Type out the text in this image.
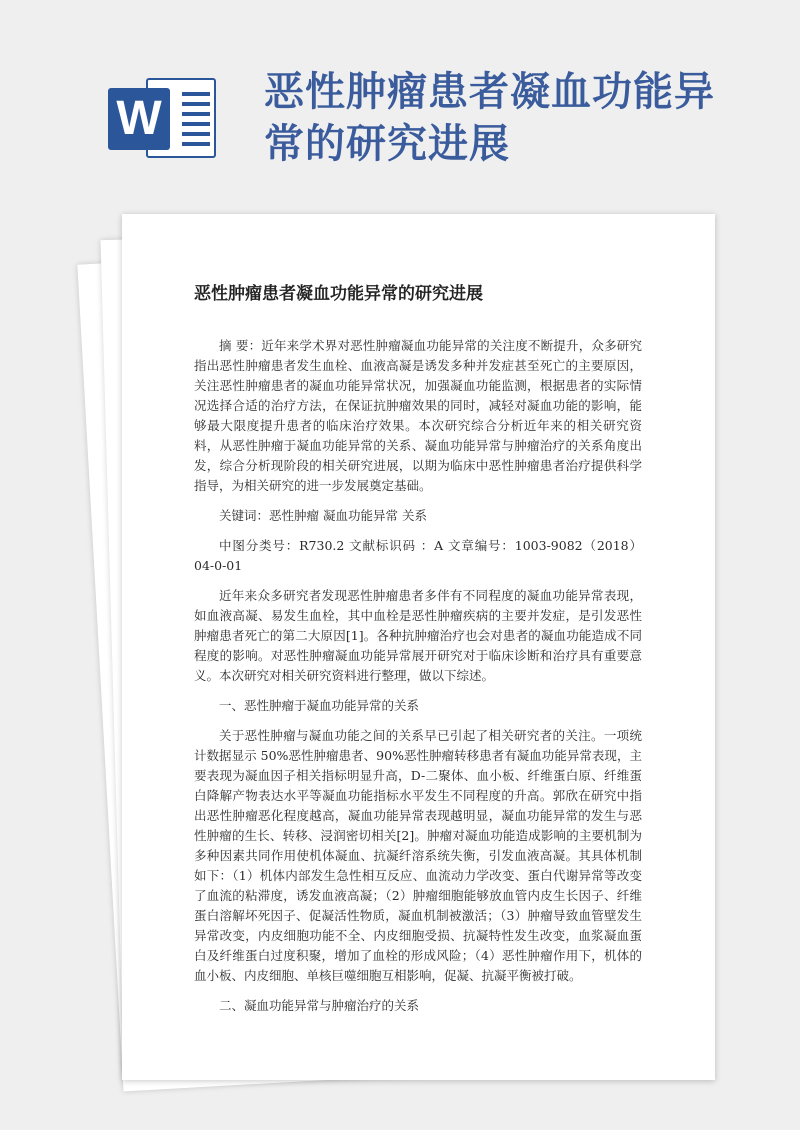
W	恶性肿瘤患者凝血功能异常的研究进展
恶性肿瘤患者凝血功能异常的研究进展

摘 要：近年来学术界对恶性肿瘤凝血功能异常的关注度不断提升，众多研究指出恶性肿瘤患者发生血栓、血液高凝是诱发多种并发症甚至死亡的主要原因，关注恶性肿瘤患者的凝血功能异常状况，加强凝血功能监测，根据患者的实际情况选择合适的治疗方法，在保证抗肿瘤效果的同时，减轻对凝血功能的影响，能够最大限度提升患者的临床治疗效果。本次研究综合分析近年来的相关研究资料，从恶性肿瘤于凝血功能异常的关系、凝血功能异常与肿瘤治疗的关系角度出发，综合分析现阶段的相关研究进展，以期为临床中恶性肿瘤患者治疗提供科学指导，为相关研究的进一步发展奠定基础。

关键词：恶性肿瘤 凝血功能异常 关系

中图分类号：R730.2 文献标识码 ：A 文章编号：1003-9082（2018）04-0-01

近年来众多研究者发现恶性肿瘤患者多伴有不同程度的凝血功能异常表现，如血液高凝、易发生血栓，其中血栓是恶性肿瘤疾病的主要并发症，是引发恶性肿瘤患者死亡的第二大原因[1]。各种抗肿瘤治疗也会对患者的凝血功能造成不同程度的影响。对恶性肿瘤凝血功能异常展开研究对于临床诊断和治疗具有重要意义。本次研究对相关研究资料进行整理，做以下综述。

一、恶性肿瘤于凝血功能异常的关系

关于恶性肿瘤与凝血功能之间的关系早已引起了相关研究者的关注。一项统计数据显示 50%恶性肿瘤患者、90%恶性肿瘤转移患者有凝血功能异常表现，主要表现为凝血因子相关指标明显升高，D-二聚体、血小板、纤维蛋白原、纤维蛋白降解产物表达水平等凝血功能指标水平发生不同程度的升高。郭欣在研究中指出恶性肿瘤恶化程度越高，凝血功能异常表现越明显，凝血功能异常的发生与恶性肿瘤的生长、转移、浸润密切相关[2]。肿瘤对凝血功能造成影响的主要机制为多种因素共同作用使机体凝血、抗凝纤溶系统失衡，引发血液高凝。其具体机制如下：（1）机体内部发生急性相互反应、血流动力学改变、蛋白代谢异常等改变了血流的粘滞度，诱发血液高凝；（2）肿瘤细胞能够放血管内皮生长因子、纤维蛋白溶解坏死因子、促凝活性物质，凝血机制被激活；（3）肿瘤导致血管壁发生异常改变，内皮细胞功能不全、内皮细胞受损、抗凝特性发生改变，血浆凝血蛋白及纤维蛋白过度积聚，增加了血栓的形成风险；（4）恶性肿瘤作用下，机体的血小板、内皮细胞、单核巨噬细胞互相影响，促凝、抗凝平衡被打破。

二、凝血功能异常与肿瘤治疗的关系
